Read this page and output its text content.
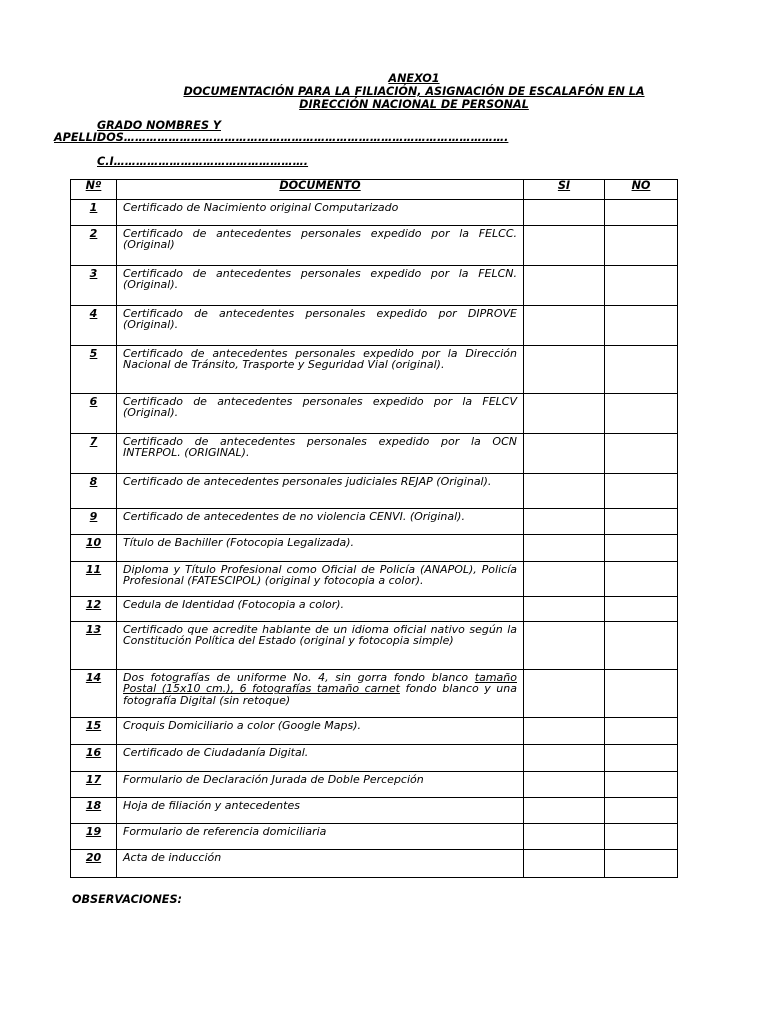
ANEXO1
DOCUMENTACIÓN PARA LA FILIACIÓN, ASIGNACIÓN DE ESCALAFÓN EN LA
DIRECCIÓN NACIONAL DE PERSONAL
GRADO NOMBRES Y
APELLIDOS………………………………………………………………………………………….
C.I…………………………………………….
Nº	DOCUMENTO	SI	NO
1	Certificado de Nacimiento original Computarizado		
2	Certificado de antecedentes personales expedido por la FELCC. (Original)		
3	Certificado de antecedentes personales expedido por la FELCN. (Original).		
4	Certificado de antecedentes personales expedido por DIPROVE (Original).		
5	Certificado de antecedentes personales expedido por la Dirección Nacional de Tránsito, Trasporte y Seguridad Vial (original).		
6	Certificado de antecedentes personales expedido por la FELCV (Original).		
7	Certificado de antecedentes personales expedido por la OCN INTERPOL. (ORIGINAL).		
8	Certificado de antecedentes personales judiciales REJAP (Original).		
9	Certificado de antecedentes de no violencia CENVI. (Original).		
10	Título de Bachiller (Fotocopia Legalizada).		
11	Diploma y Título Profesional como Oficial de Policía (ANAPOL), Policía Profesional (FATESCIPOL) (original y fotocopia a color).		
12	Cedula de Identidad (Fotocopia a color).		
13	Certificado que acredite hablante de un idioma oficial nativo según la Constitución Política del Estado (original y fotocopia simple)		
14	Dos fotografías de uniforme No. 4, sin gorra fondo blanco tamaño Postal (15x10 cm.), 6 fotografías tamaño carnet fondo blanco y una fotografía Digital (sin retoque)		
15	Croquis Domiciliario a color (Google Maps).		
16	Certificado de Ciudadanía Digital.		
17	Formulario de Declaración Jurada de Doble Percepción		
18	Hoja de filiación y antecedentes		
19	Formulario de referencia domiciliaria		
20	Acta de inducción		
OBSERVACIONES:
